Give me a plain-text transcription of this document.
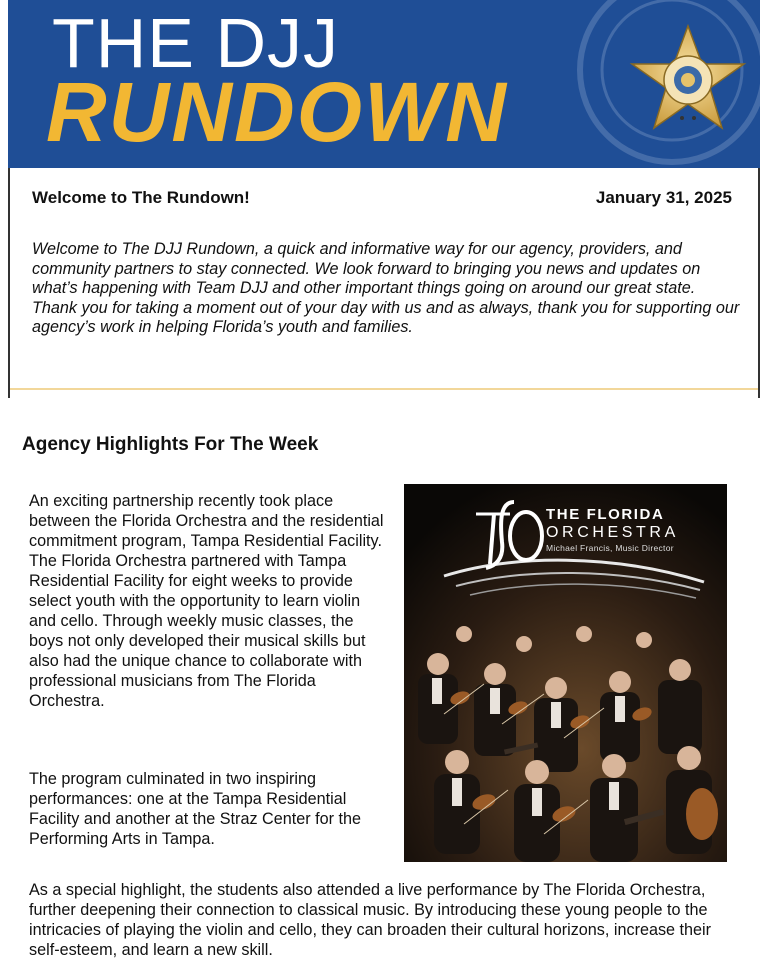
THE DJJ
RUNDOWN
Welcome to The Rundown!	January 31, 2025
Welcome to The DJJ Rundown, a quick and informative way for our agency, providers, and community partners to stay connected. We look forward to bringing you news and updates on what’s happening with Team DJJ and other important things going on around our great state. Thank you for taking a moment out of your day with us and as always, thank you for supporting our agency’s work in helping Florida’s youth and families.
Agency Highlights For The Week
An exciting partnership recently took place between the Florida Orchestra and the residential commitment program, Tampa Residential Facility. The Florida Orchestra partnered with Tampa Residential Facility for eight weeks to provide select youth with the opportunity to learn violin and cello. Through weekly music classes, the boys not only developed their musical skills but also had the unique chance to collaborate with professional musicians from The Florida Orchestra.
The program culminated in two inspiring performances: one at the Tampa Residential Facility and another at the Straz Center for the Performing Arts in Tampa.
As a special highlight, the students also attended a live performance by The Florida Orchestra, further deepening their connection to classical music. By introducing these young people to the intricacies of playing the violin and cello, they can broaden their cultural horizons, increase their self-esteem, and learn a new skill.
THE FLORIDA
ORCHESTRA
Michael Francis, Music Director
